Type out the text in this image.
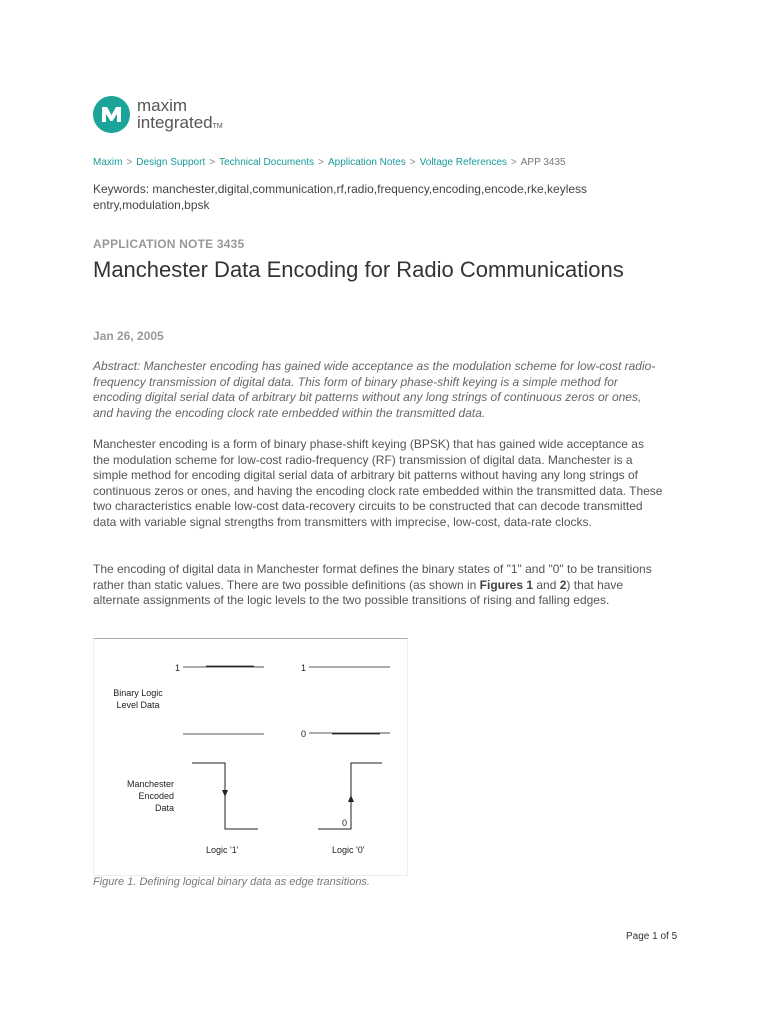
maxim
integratedTM
Maxim > Design Support > Technical Documents > Application Notes > Voltage References > APP 3435
Keywords: manchester,digital,communication,rf,radio,frequency,encoding,encode,rke,keyless entry,modulation,bpsk
APPLICATION NOTE 3435
Manchester Data Encoding for Radio Communications
Jan 26, 2005
Abstract: Manchester encoding has gained wide acceptance as the modulation scheme for low-cost radio-frequency transmission of digital data. This form of binary phase-shift keying is a simple method for encoding digital serial data of arbitrary bit patterns without any long strings of continuous zeros or ones, and having the encoding clock rate embedded within the transmitted data.
Manchester encoding is a form of binary phase-shift keying (BPSK) that has gained wide acceptance as the modulation scheme for low-cost radio-frequency (RF) transmission of digital data. Manchester is a simple method for encoding digital serial data of arbitrary bit patterns without having any long strings of continuous zeros or ones, and having the encoding clock rate embedded within the transmitted data. These two characteristics enable low-cost data-recovery circuits to be constructed that can decode transmitted data with variable signal strengths from transmitters with imprecise, low-cost, data-rate clocks.
The encoding of digital data in Manchester format defines the binary states of "1" and "0" to be transitions rather than static values. There are two possible definitions (as shown in Figures 1 and 2) that have alternate assignments of the logic levels to the two possible transitions of rising and falling edges.
1	1
0
Binary Logic
Level Data
Manchester
Encoded
Data
0
Logic '1'	Logic '0'
Figure 1. Defining logical binary data as edge transitions.
Page 1 of 5
